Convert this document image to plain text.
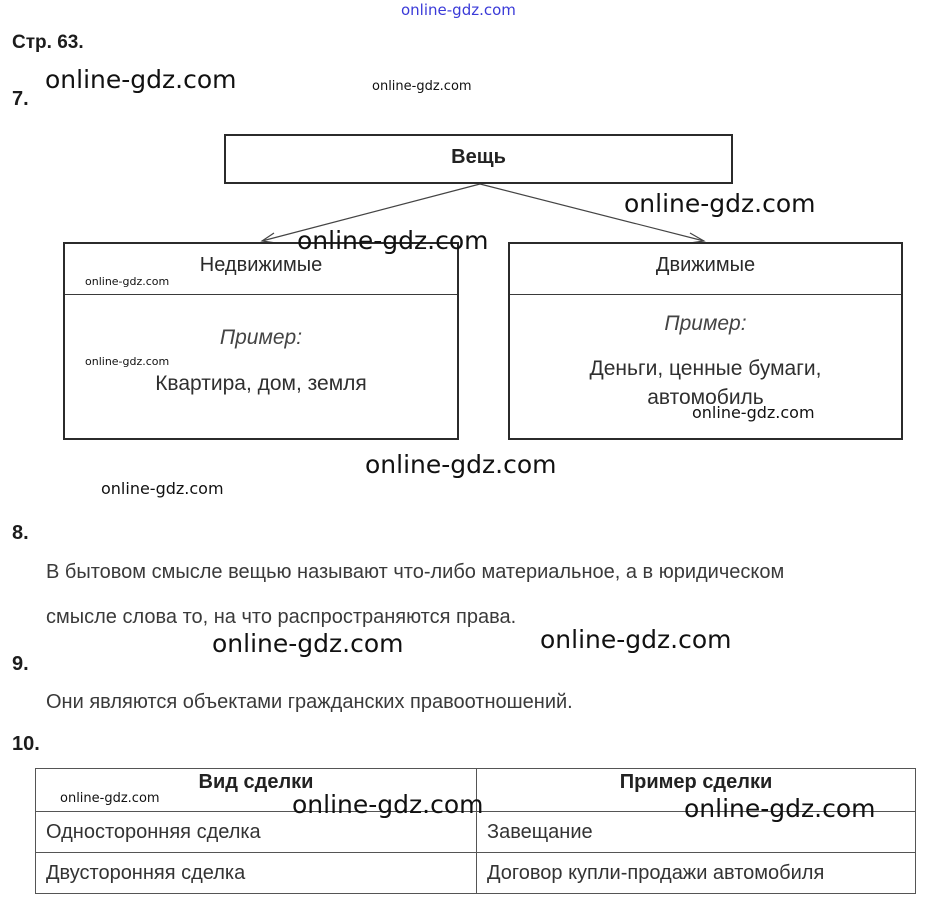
online-gdz.com
Стр. 63.
7.
Вещь
Недвижимые
Пример:
Квартира, дом, земля
Движимые
Пример:
Деньги, ценные бумаги,
автомобиль
8.
В бытовом смысле вещью называют что-либо материальное, а в юридическом
смысле слова то, на что распространяются права.
9.
Они являются объектами гражданских правоотношений.
10.
Вид сделки	Пример сделки
Односторонняя сделка	Завещание
Двусторонняя сделка	Договор купли-продажи автомобиля
online-gdz.com	online-gdz.com
online-gdz.com
online-gdz.com
online-gdz.com
online-gdz.com
online-gdz.com
online-gdz.com
online-gdz.com
online-gdz.com	online-gdz.com
online-gdz.com	online-gdz.com	online-gdz.com
